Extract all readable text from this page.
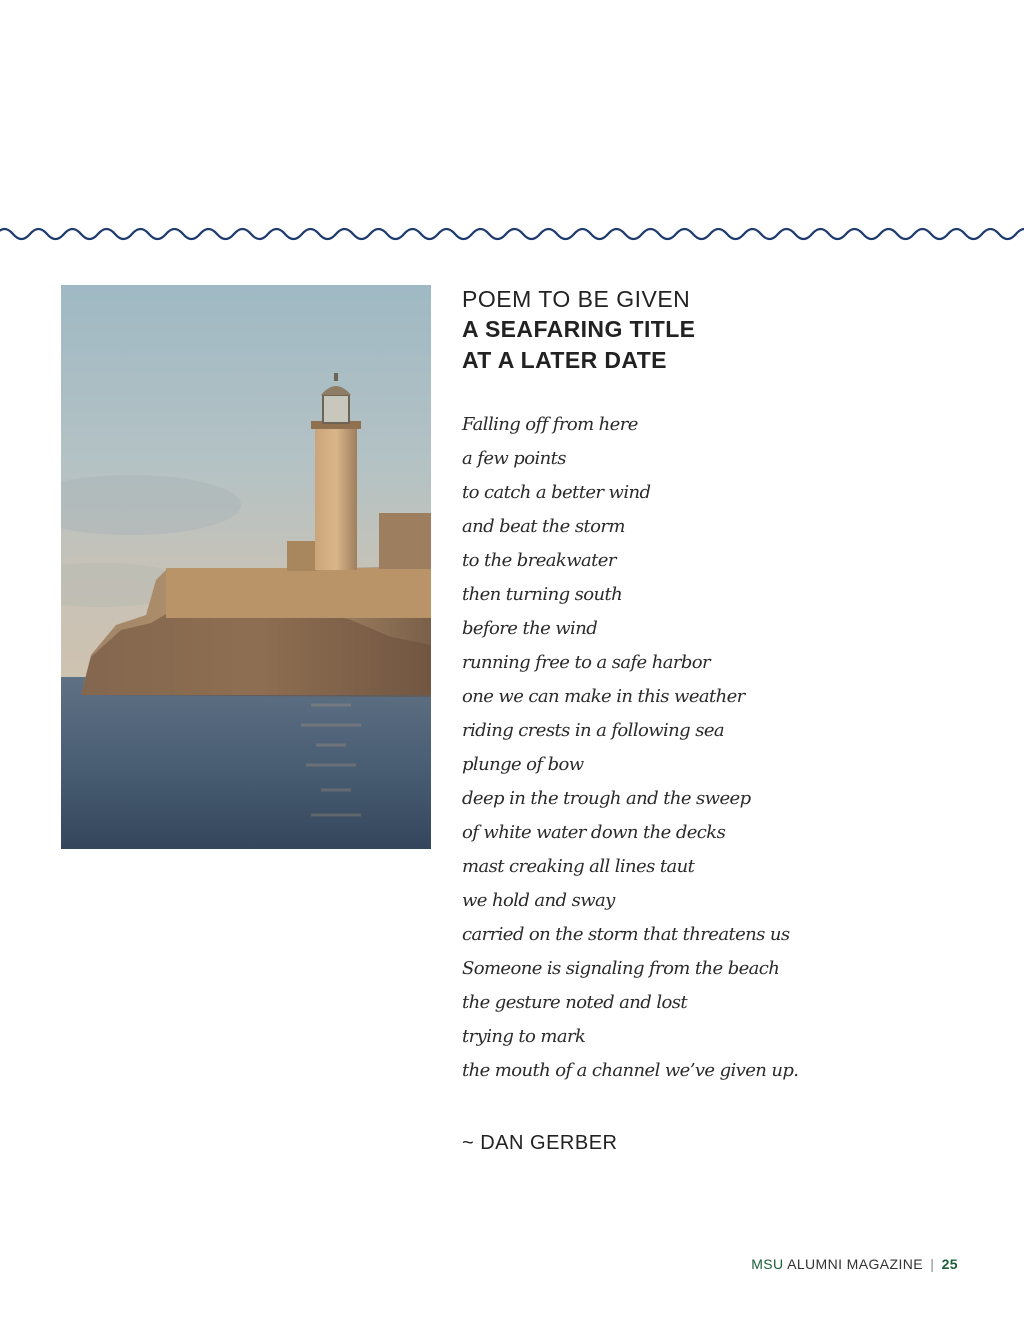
POEM TO BE GIVEN
A SEAFARING TITLE
AT A LATER DATE
Falling off from here
a few points
to catch a better wind
and beat the storm
to the breakwater
then turning south
before the wind
running free to a safe harbor
one we can make in this weather
riding crests in a following sea
plunge of bow
deep in the trough and the sweep
of white water down the decks
mast creaking all lines taut
we hold and sway
carried on the storm that threatens us
Someone is signaling from the beach
the gesture noted and lost
trying to mark
the mouth of a channel we’ve given up.
~ DAN GERBER
MSU ALUMNI MAGAZINE | 25
